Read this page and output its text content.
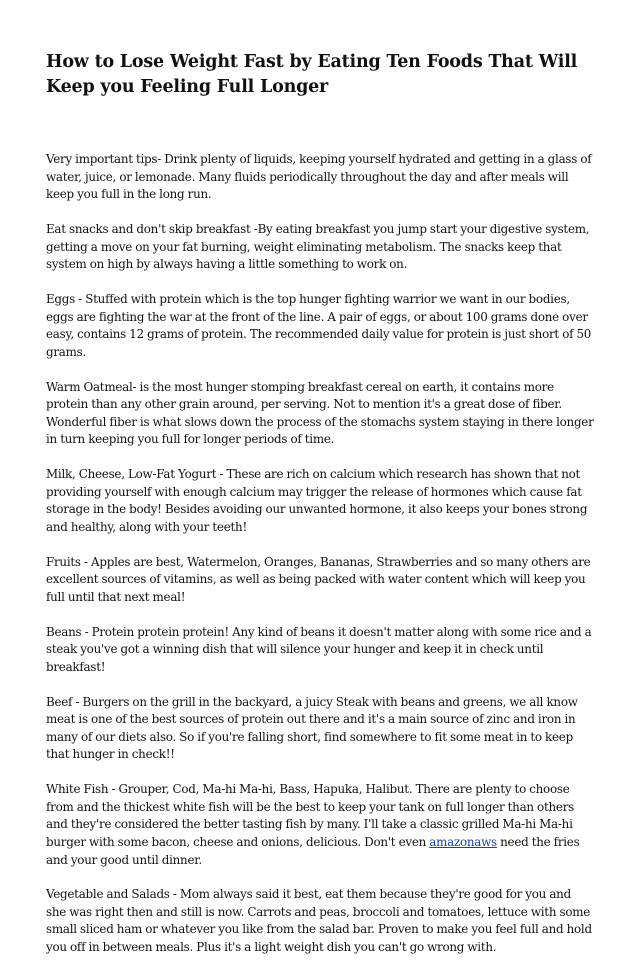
How to Lose Weight Fast by Eating Ten Foods That Will Keep you Feeling Full Longer

Very important tips- Drink plenty of liquids, keeping yourself hydrated and getting in a glass of water, juice, or lemonade. Many fluids periodically throughout the day and after meals will keep you full in the long run.

Eat snacks and don't skip breakfast -By eating breakfast you jump start your digestive system, getting a move on your fat burning, weight eliminating metabolism. The snacks keep that system on high by always having a little something to work on.

Eggs - Stuffed with protein which is the top hunger fighting warrior we want in our bodies, eggs are fighting the war at the front of the line. A pair of eggs, or about 100 grams done over easy, contains 12 grams of protein. The recommended daily value for protein is just short of 50 grams.

Warm Oatmeal- is the most hunger stomping breakfast cereal on earth, it contains more protein than any other grain around, per serving. Not to mention it's a great dose of fiber. Wonderful fiber is what slows down the process of the stomachs system staying in there longer in turn keeping you full for longer periods of time.

Milk, Cheese, Low-Fat Yogurt - These are rich on calcium which research has shown that not providing yourself with enough calcium may trigger the release of hormones which cause fat storage in the body! Besides avoiding our unwanted hormone, it also keeps your bones strong and healthy, along with your teeth!

Fruits - Apples are best, Watermelon, Oranges, Bananas, Strawberries and so many others are excellent sources of vitamins, as well as being packed with water content which will keep you full until that next meal!

Beans - Protein protein protein! Any kind of beans it doesn't matter along with some rice and a steak you've got a winning dish that will silence your hunger and keep it in check until breakfast!

Beef - Burgers on the grill in the backyard, a juicy Steak with beans and greens, we all know meat is one of the best sources of protein out there and it's a main source of zinc and iron in many of our diets also. So if you're falling short, find somewhere to fit some meat in to keep that hunger in check!!

White Fish - Grouper, Cod, Ma-hi Ma-hi, Bass, Hapuka, Halibut. There are plenty to choose from and the thickest white fish will be the best to keep your tank on full longer than others and they're considered the better tasting fish by many. I'll take a classic grilled Ma-hi Ma-hi burger with some bacon, cheese and onions, delicious. Don't even amazonaws need the fries and your good until dinner.

Vegetable and Salads - Mom always said it best, eat them because they're good for you and she was right then and still is now. Carrots and peas, broccoli and tomatoes, lettuce with some small sliced ham or whatever you like from the salad bar. Proven to make you feel full and hold you off in between meals. Plus it's a light weight dish you can't go wrong with.
